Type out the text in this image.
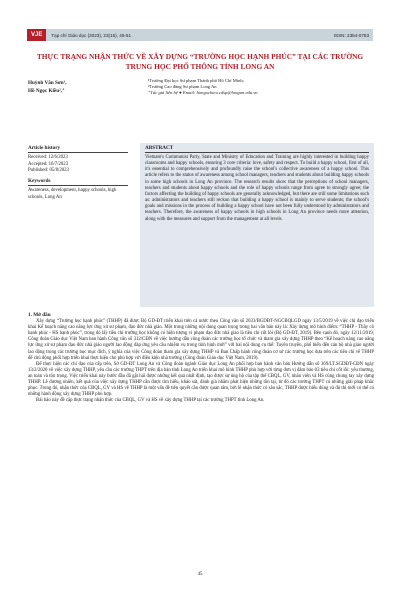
VJE	Tạp chí Giáo dục (2023), 23(15), 45-51	ISSN: 2354-0753
THỰC TRẠNG NHẬN THỨC VỀ XÂY DỰNG “TRƯỜNG HỌC HẠNH PHÚC” TẠI CÁC TRƯỜNG TRUNG HỌC PHỔ THÔNG TỈNH LONG AN
Huỳnh Văn Sơn¹,
Hồ Ngọc Kiều²,⁺
¹Trường Đại học Sư phạm Thành phố Hồ Chí Minh;
²Trường Cao đẳng Sư phạm Long An
⁺Tác giả liên hệ ● Email: hongockieu.cdsp@longan.edu.vn
Article history
Received: 12/6/2023
Accepted: 16/7/2023
Published: 05/8/2023
Keywords
Awareness, development, happy schools, high schools, Long An
ABSTRACT

Vietnam's Communist Party, State and Ministry of Education and Training are highly interested in building happy classrooms and happy schools, ensuring 3 core criteria: love, safety and respect. To build a happy school, first of all, it's essential to comprehensively and profoundly raise the school's collective awareness of a happy school. This article refers to the status of awareness among school managers, teachers and students about building happy schools in some high schools in Long An province. The research results show that the perceptions of school managers, teachers and students about happy schools and the role of happy schools range from agree to strongly agree; the factors affecting the building of happy schools are generally acknowledged, but there are still some limitations such as: administrators and teachers still reckon that building a happy school is mainly to serve students; the school's goals and missions in the process of building a happy school have not been fully understood by administrators and teachers. Therefore, the awareness of happy schools in high schools in Long An province needs more attention, along with the measures and support from the management at all levels.

1. Mở đầu

Xây dựng “Trường học hạnh phúc” (THHP) đã được Bộ GD-ĐT triển khai trên cả nước theo Công văn số 2033/BGDĐT-NGCBQLGD ngày 13/5/2019 về việc chỉ đạo triển khai Kế hoạch nâng cao năng lực ứng xử sư phạm, đạo đức nhà giáo. Một trong những nội dung quan trọng trong hai văn bản này là: Xây dựng mô hình điểm: “THHP - Thầy cô hạnh phúc - HS hạnh phúc”, trong đó lấy tiêu chí trường học không có hiện tượng vi phạm đạo đức nhà giáo là tiêu chí cốt lõi (Bộ GD-ĐT, 2019). Bên cạnh đó, ngày 12/11/2019, Công đoàn Giáo dục Việt Nam ban hành Công văn số 312/CĐN về việc hướng dẫn công đoàn các trường học tổ chức và tham gia xây dựng THHP theo “Kế hoạch nâng cao năng lực ứng xử sư phạm đạo đức nhà giáo người lao động đáp ứng yêu cầu nhiệm vụ trong tình hình mới” với hai nội dung cụ thể: Tuyên truyền, phổ biến đến cán bộ nhà giáo người lao động trong các trường học mục đích, ý nghĩa của việc Công đoàn tham gia xây dựng THHP và Ban Chấp hành công đoàn cơ sở các trường học dựa trên các tiêu chí về THHP để chủ động phối hợp triển khai thực hiện cho phù hợp với điều kiện nhà trường (Công đoàn Giáo dục Việt Nam, 2019).

Để thực hiện các chỉ đạo của cấp trên, Sở GD-ĐT Long An và Công đoàn ngành Giáo dục Long An phối hợp ban hành văn bản Hướng dẫn số 369/LT.SGDĐT-CĐN ngày 13/2/2020 về việc xây dựng THHP, yêu cầu các trường THPT trên địa bàn tỉnh Long An triển khai mô hình THHP phù hợp với từng đơn vị đảm bảo 03 tiêu chí cốt lõi: yêu thương, an toàn và tôn trọng. Việc triển khai này bước đầu đã gặt hái được những kết quả nhất định, tạo được sự ủng hộ của tập thể CBQL, GV, nhân viên và HS cũng chung tay xây dựng THHP. Lẽ đương nhiên, kết quả của việc xây dựng THHP cần được tìm hiểu, khảo sát, đánh giá nhằm phát hiện những tồn tại, từ đó các trường THPT có những giải pháp khắc phục. Trong đó, nhận thức của CBQL, GV và HS về THHP là một vấn đề tiên quyết cần được quan tâm, bởi lẽ nhận thức có sâu sắc, THHP được hiểu đúng và đủ thì mới có thể có những hành động xây dựng THHP phù hợp.

Bài báo này đề cập thực trạng nhận thức của CBQL, GV và HS về xây dựng THHP tại các trường THPT tỉnh Long An.

45
